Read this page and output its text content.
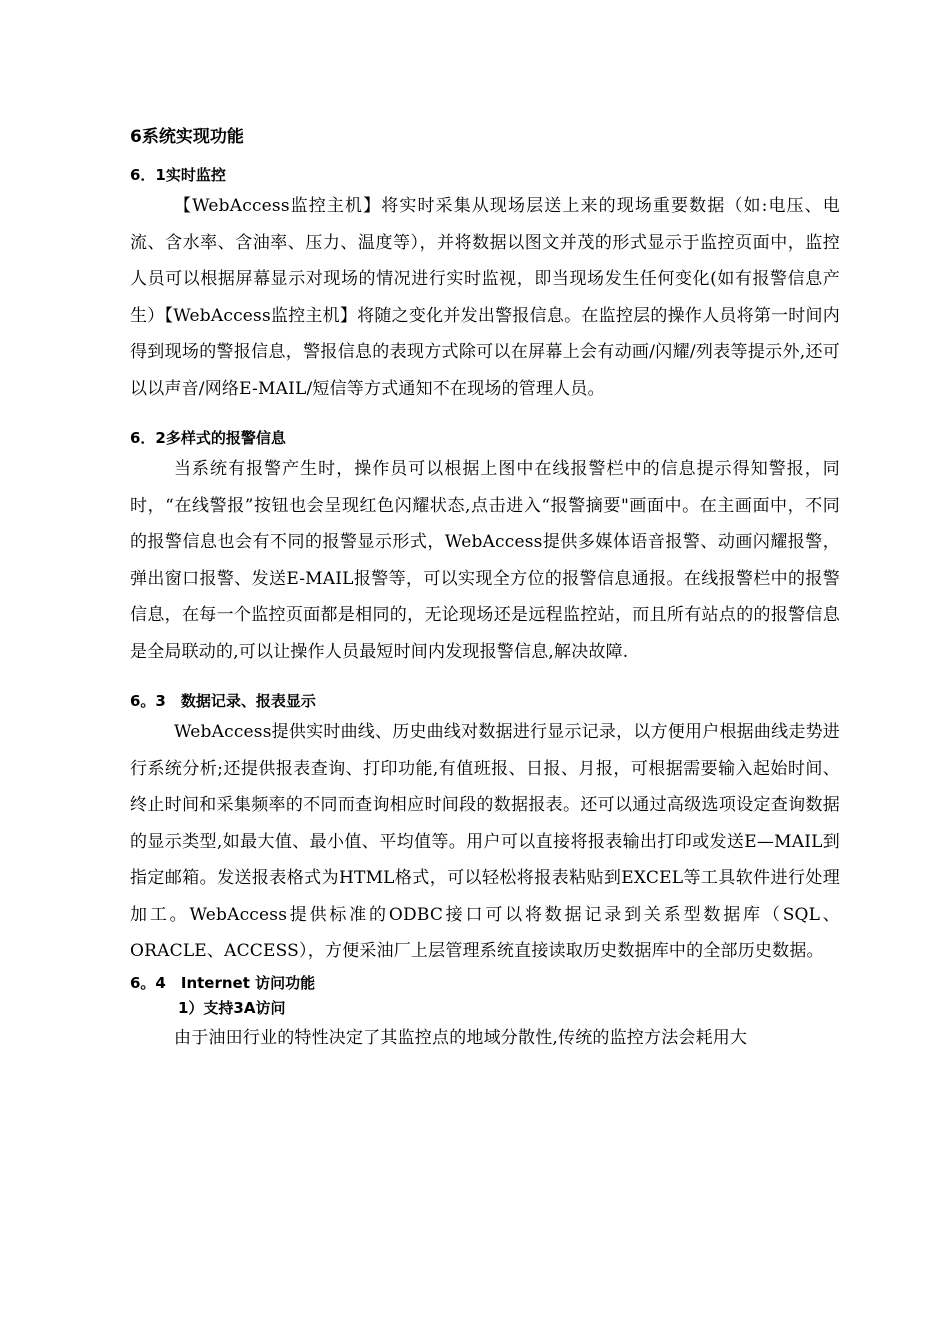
6系统实现功能
6．1实时监控

【WebAccess监控主机】将实时采集从现场层送上来的现场重要数据（如:电压、电流、含水率、含油率、压力、温度等），并将数据以图文并茂的形式显示于监控页面中，监控人员可以根据屏幕显示对现场的情况进行实时监视，即当现场发生任何变化(如有报警信息产生）【WebAccess监控主机】将随之变化并发出警报信息。在监控层的操作人员将第一时间内得到现场的警报信息，警报信息的表现方式除可以在屏幕上会有动画/闪耀/列表等提示外,还可以以声音/网络E-MAIL/短信等方式通知不在现场的管理人员。

6．2多样式的报警信息

当系统有报警产生时，操作员可以根据上图中在线报警栏中的信息提示得知警报，同时，“在线警报”按钮也会呈现红色闪耀状态,点击进入“报警摘要"画面中。在主画面中，不同的报警信息也会有不同的报警显示形式，WebAccess提供多媒体语音报警、动画闪耀报警，弹出窗口报警、发送E-MAIL报警等，可以实现全方位的报警信息通报。在线报警栏中的报警信息，在每一个监控页面都是相同的，无论现场还是远程监控站，而且所有站点的的报警信息是全局联动的,可以让操作人员最短时间内发现报警信息,解决故障.

6。3　数据记录、报表显示

WebAccess提供实时曲线、历史曲线对数据进行显示记录，以方便用户根据曲线走势进行系统分析;还提供报表查询、打印功能,有值班报、日报、月报，可根据需要输入起始时间、终止时间和采集频率的不同而查询相应时间段的数据报表。还可以通过高级选项设定查询数据的显示类型,如最大值、最小值、平均值等。用户可以直接将报表输出打印或发送E—MAIL到指定邮箱。发送报表格式为HTML格式，可以轻松将报表粘贴到EXCEL等工具软件进行处理加工。WebAccess提供标准的ODBC接口可以将数据记录到关系型数据库（SQL、ORACLE、ACCESS），方便采油厂上层管理系统直接读取历史数据库中的全部历史数据。

6。4　Internet 访问功能
1）支持3A访问

由于油田行业的特性决定了其监控点的地域分散性,传统的监控方法会耗用大
